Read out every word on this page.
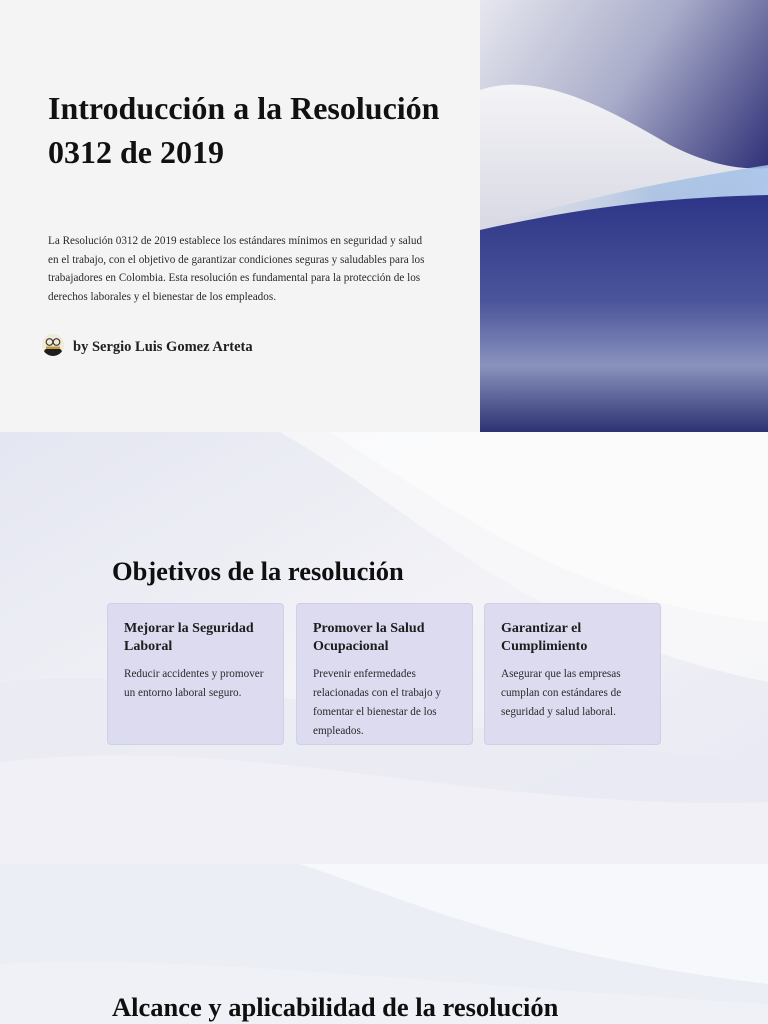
Introducción a la Resolución 0312 de 2019

La Resolución 0312 de 2019 establece los estándares mínimos en seguridad y salud en el trabajo, con el objetivo de garantizar condiciones seguras y saludables para los trabajadores en Colombia. Esta resolución es fundamental para la protección de los derechos laborales y el bienestar de los empleados.

by Sergio Luis Gomez Arteta
Objetivos de la resolución
Mejorar la Seguridad Laboral

Reducir accidentes y promover un entorno laboral seguro.

Promover la Salud Ocupacional

Prevenir enfermedades relacionadas con el trabajo y fomentar el bienestar de los empleados.

Garantizar el Cumplimiento

Asegurar que las empresas cumplan con estándares de seguridad y salud laboral.

Alcance y aplicabilidad de la resolución
